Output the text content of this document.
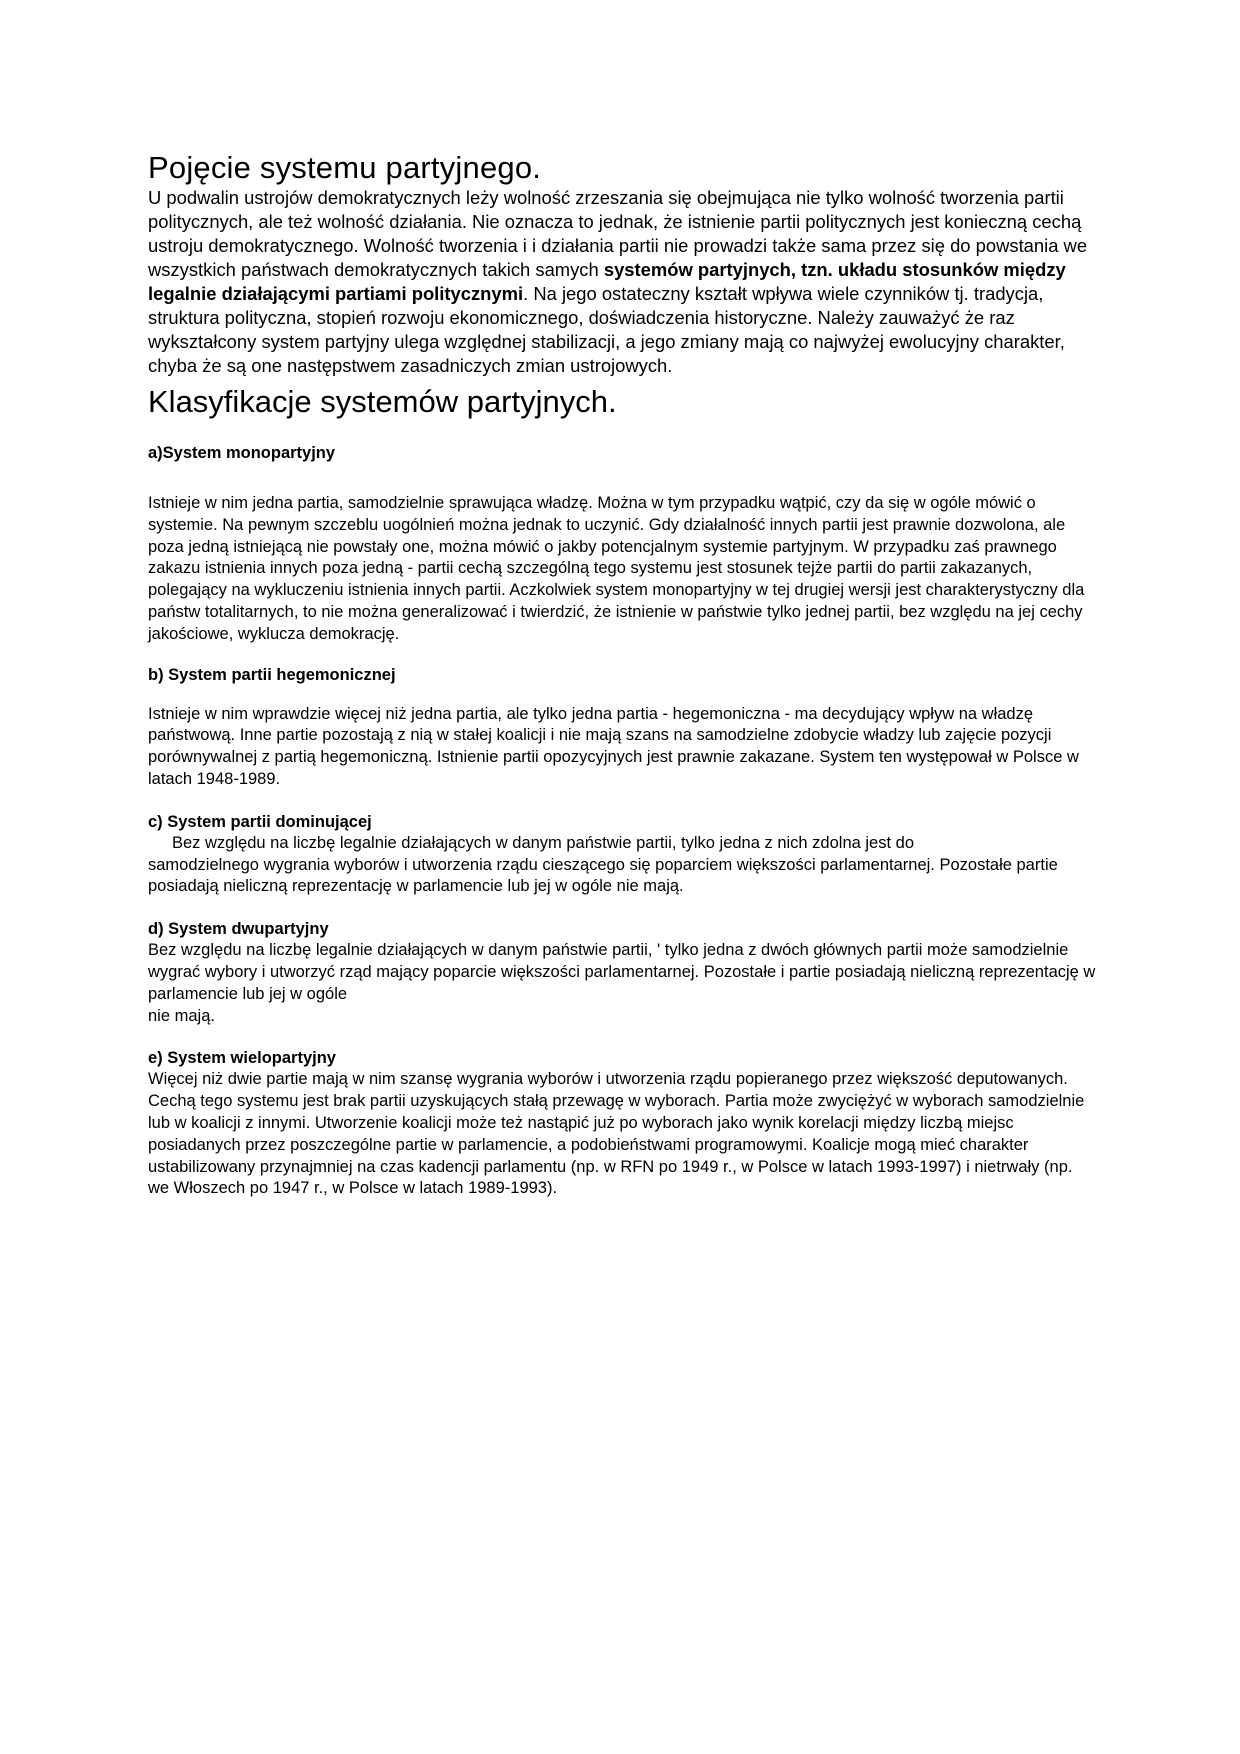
Pojęcie systemu partyjnego.

U podwalin ustrojów demokratycznych leży wolność zrzeszania się obejmująca nie tylko wolność tworzenia partii politycznych, ale też wolność działania. Nie oznacza to jednak, że istnienie partii politycznych jest konieczną cechą ustroju demokratycznego. Wolność tworzenia i i działania partii nie prowadzi także sama przez się do powstania we wszystkich państwach demokratycznych takich samych systemów partyjnych, tzn. układu stosunków między legalnie działającymi partiami politycznymi. Na jego ostateczny kształt wpływa wiele czynników tj. tradycja, struktura polityczna, stopień rozwoju ekonomicznego, doświadczenia historyczne. Należy zauważyć że raz wykształcony system partyjny ulega względnej stabilizacji, a jego zmiany mają co najwyżej ewolucyjny charakter, chyba że są one następstwem zasadniczych zmian ustrojowych.

Klasyfikacje systemów partyjnych.

a)System monopartyjny

Istnieje w nim jedna partia, samodzielnie sprawująca władzę. Można w tym przypadku wątpić, czy da się w ogóle mówić o systemie. Na pewnym szczeblu uogólnień można jednak to uczynić. Gdy działalność innych partii jest prawnie dozwolona, ale poza jedną istniejącą nie powstały one, można mówić o jakby potencjalnym systemie partyjnym. W przypadku zaś prawnego zakazu istnienia innych poza jedną - partii cechą szczególną tego systemu jest stosunek tejże partii do partii zakazanych, polegający na wykluczeniu istnienia innych partii. Aczkolwiek system monopartyjny w tej drugiej wersji jest charakterystyczny dla państw totalitarnych, to nie można generalizować i twierdzić, że istnienie w państwie tylko jednej partii, bez względu na jej cechy jakościowe, wyklucza demokrację.

b) System partii hegemonicznej

Istnieje w nim wprawdzie więcej niż jedna partia, ale tylko jedna partia - hegemoniczna - ma decydujący wpływ na władzę państwową. Inne partie pozostają z nią w stałej koalicji i nie mają szans na samodzielne zdobycie władzy lub zajęcie pozycji porównywalnej z partią hegemoniczną. Istnienie partii opozycyjnych jest prawnie zakazane. System ten występował w Polsce w latach 1948-1989.

c) System partii dominującej

Bez względu na liczbę legalnie działających w danym państwie partii, tylko jedna z nich zdolna jest do

samodzielnego wygrania wyborów i utworzenia rządu cieszącego się poparciem większości parlamentarnej. Pozostałe partie posiadają nieliczną reprezentację w parlamencie lub jej w ogóle nie mają.

d) System dwupartyjny

Bez względu na liczbę legalnie działających w danym państwie partii, ' tylko jedna z dwóch głównych partii może samodzielnie wygrać wybory i utworzyć rząd mający poparcie większości parlamentarnej. Pozostałe i partie posiadają nieliczną reprezentację w parlamencie lub jej w ogóle

nie mają.

e) System wielopartyjny

Więcej niż dwie partie mają w nim szansę wygrania wyborów i utworzenia rządu popieranego przez większość deputowanych. Cechą tego systemu jest brak partii uzyskujących stałą przewagę w wyborach. Partia może zwyciężyć w wyborach samodzielnie lub w koalicji z innymi. Utworzenie koalicji może też nastąpić już po wyborach jako wynik korelacji między liczbą miejsc posiadanych przez poszczególne partie w parlamencie, a podobieństwami programowymi. Koalicje mogą mieć charakter ustabilizowany przynajmniej na czas kadencji parlamentu (np. w RFN po 1949 r., w Polsce w latach 1993-1997) i nietrwały (np. we Włoszech po 1947 r., w Polsce w latach 1989-1993).
